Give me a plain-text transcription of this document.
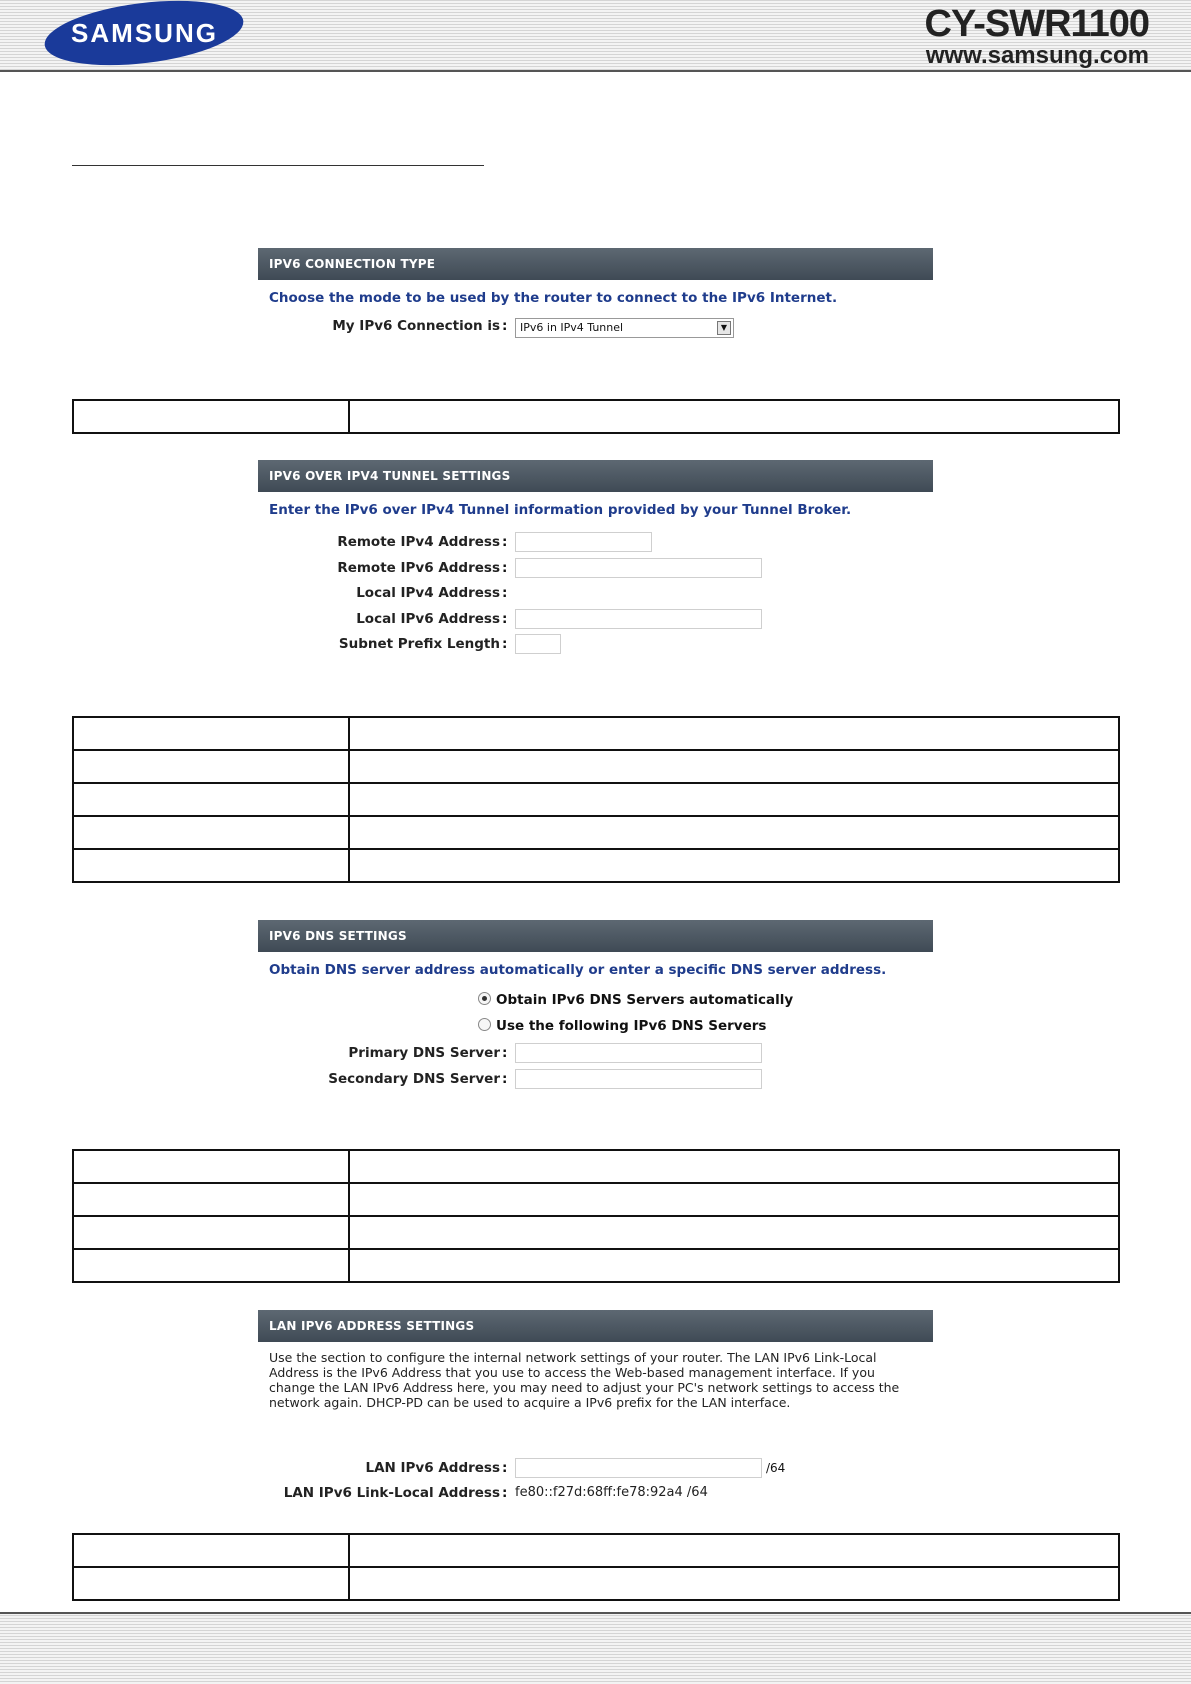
SAMSUNG	CY-SWR1100
www.samsung.com
IPV6 CONNECTION TYPE
Choose the mode to be used by the router to connect to the IPv6 Internet.
My IPv6 Connection is :	IPv6 in IPv4 Tunnel	▼

IPV6 OVER IPV4 TUNNEL SETTINGS
Enter the IPv6 over IPv4 Tunnel information provided by your Tunnel Broker.
Remote IPv4 Address :
Remote IPv6 Address :
Local IPv4 Address :
Local IPv6 Address :
Subnet Prefix Length :

IPV6 DNS SETTINGS
Obtain DNS server address automatically or enter a specific DNS server address.
Obtain IPv6 DNS Servers automatically
Use the following IPv6 DNS Servers
Primary DNS Server :
Secondary DNS Server :

LAN IPV6 ADDRESS SETTINGS
Use the section to configure the internal network settings of your router. The LAN IPv6 Link-Local Address is the IPv6 Address that you use to access the Web-based management interface. If you change the LAN IPv6 Address here, you may need to adjust your PC's network settings to access the network again. DHCP-PD can be used to acquire a IPv6 prefix for the LAN interface.
LAN IPv6 Address :	/64
LAN IPv6 Link-Local Address : fe80::f27d:68ff:fe78:92a4 /64
